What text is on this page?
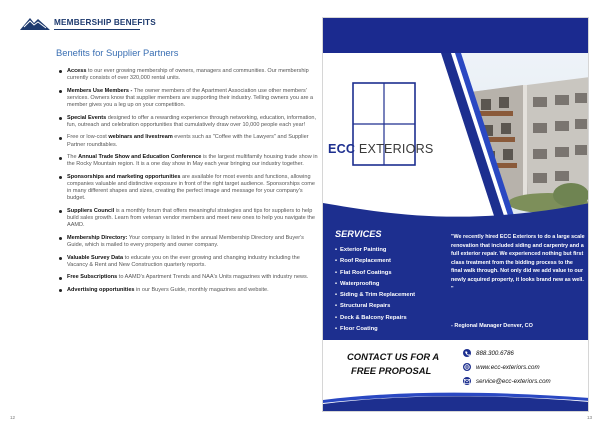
MEMBERSHIP BENEFITS
Benefits for Supplier Partners
Access to our ever growing membership of owners, managers and communities. Our membership currently consists of over 320,000 rental units.
Members Use Members - The owner members of the Apartment Association use other members' services. Owners know that supplier members are supporting their industry. Telling owners you are a member gives you a leg up on your competition.
Special Events designed to offer a rewarding experience through networking, education, information, fun, outreach and celebration opportunities that cumulatively draw over 10,000 people each year!
Free or low-cost webinars and livestream events such as "Coffee with the Lawyers" and Supplier Partner roundtables.
The Annual Trade Show and Education Conference is the largest multifamily housing trade show in the Rocky Mountain region. It is a one day show in May each year bringing our industry together.
Sponsorships and marketing opportunities are available for most events and functions, allowing companies valuable and distinctive exposure in front of the right target audience. Sponsorships come in many different shapes and sizes, creating the perfect image and message for your company's budget.
Suppliers Council is a monthly forum that offers meaningful strategies and tips for suppliers to help build sales growth. Learn from veteran vendor members and meet new ones to help you navigate the AAMD.
Membership Directory: Your company is listed in the annual Membership Directory and Buyer's Guide, which is mailed to every property and owner company.
Valuable Survey Data to educate you on the ever growing and changing industry including the Vacancy & Rent and New Construction quarterly reports.
Free Subscriptions to AAMD's Apartment Trends and NAA's Units magazines with industry news.
Advertising opportunities in our Buyers Guide, monthly magazines and website.
12	13
ECC EXTERIORS
SERVICES
• Exterior Painting
• Roof Replacement
• Flat Roof Coatings
• Waterproofing
• Siding & Trim Replacement
• Structural Repairs
• Deck & Balcony Repairs
• Floor Coating
"We recently hired ECC Exteriors to do a large scale renovation that included siding and carpentry and a full exterior repair. We experienced nothing but first class treatment from the bidding process to the final walk through. Not only did we add value to our newly acquired property, it looks brand new as well. "
- Regional Manager Denver, CO
CONTACT US FOR A
FREE PROPOSAL
888.300.6786
www.ecc-exteriors.com
service@ecc-exteriors.com
